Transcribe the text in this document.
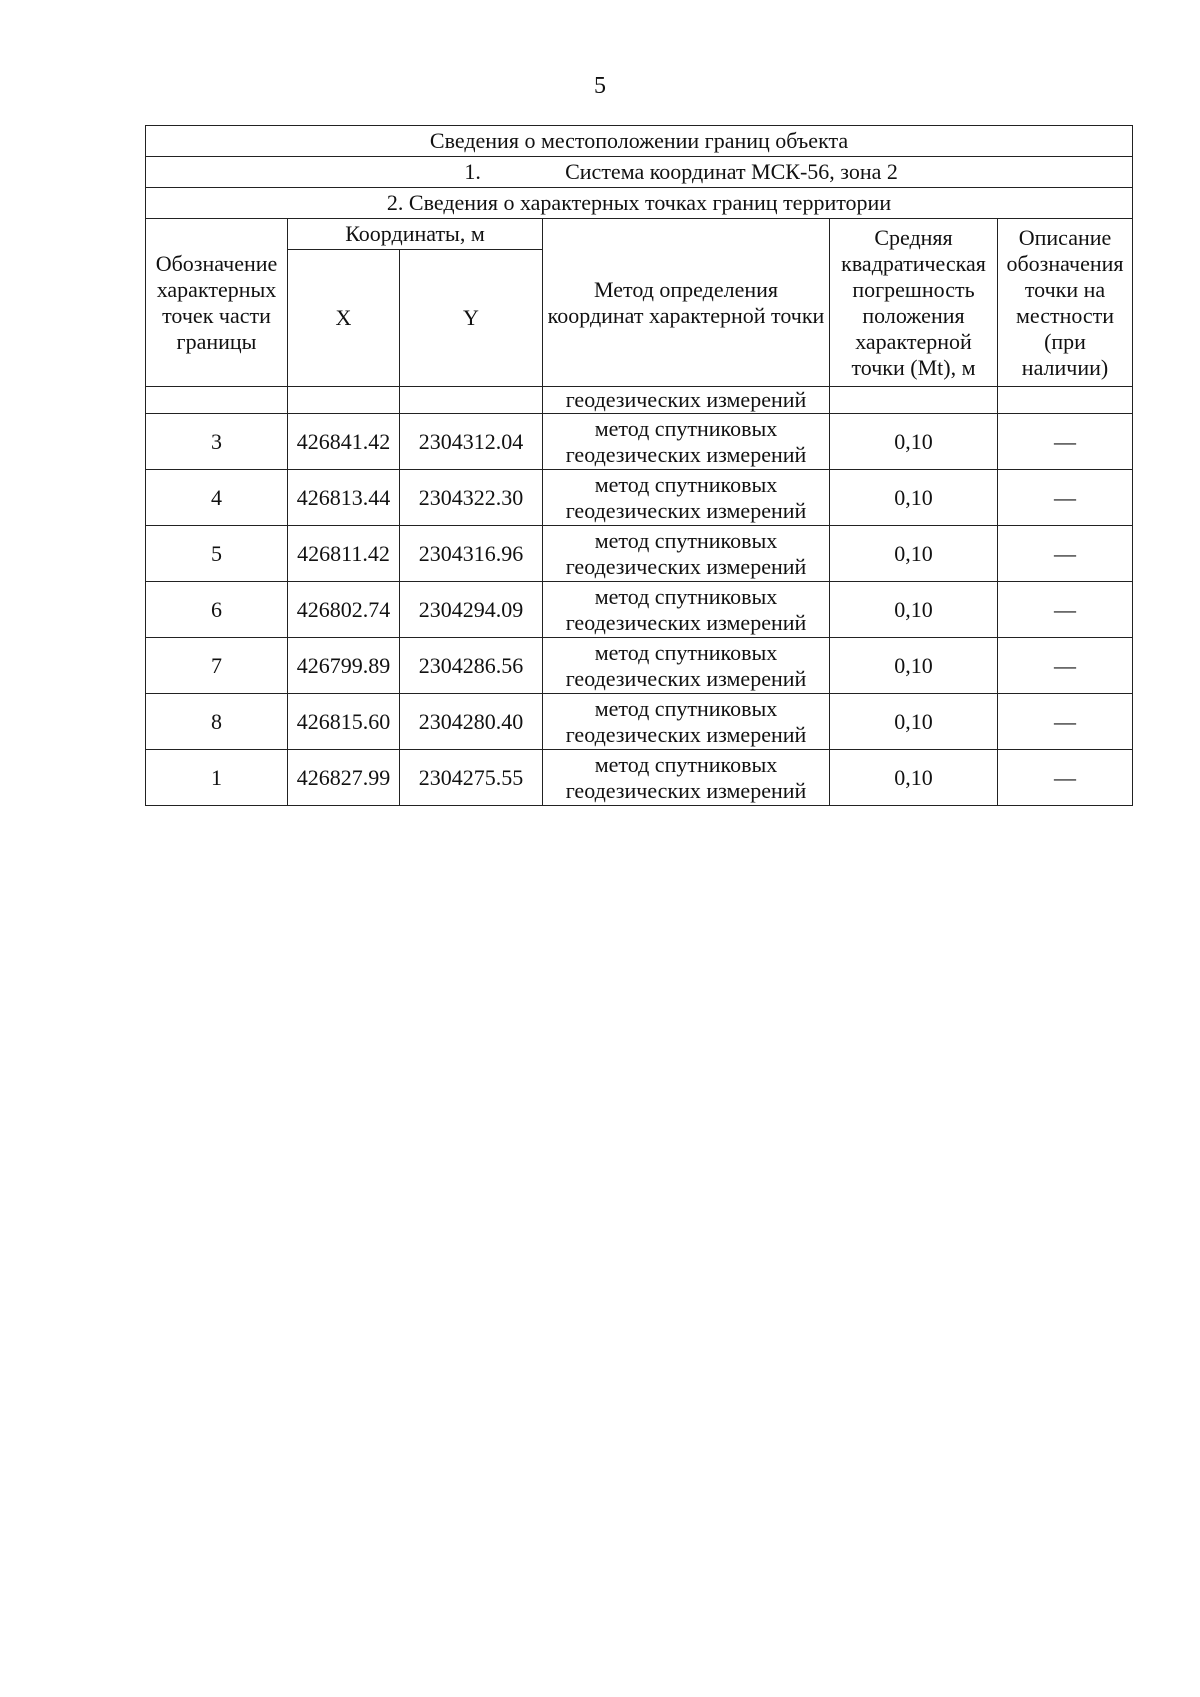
5
Сведения о местоположении границ объекта					
1. Система координат МСК-56, зона 2					
2. Сведения о характерных точках границ территории					
Обозначение характерных точек части границы	Координаты, м		Метод определения координат характерной точки	Средняя квадратическая погрешность положения характерной точки (Mt), м	Описание обозначения точки на местности (при наличии)
	X	Y			
			геодезических измерений		
3	426841.42	2304312.04	метод спутниковых геодезических измерений	0,10	—
4	426813.44	2304322.30	метод спутниковых геодезических измерений	0,10	—
5	426811.42	2304316.96	метод спутниковых геодезических измерений	0,10	—
6	426802.74	2304294.09	метод спутниковых геодезических измерений	0,10	—
7	426799.89	2304286.56	метод спутниковых геодезических измерений	0,10	—
8	426815.60	2304280.40	метод спутниковых геодезических измерений	0,10	—
1	426827.99	2304275.55	метод спутниковых геодезических измерений	0,10	—
